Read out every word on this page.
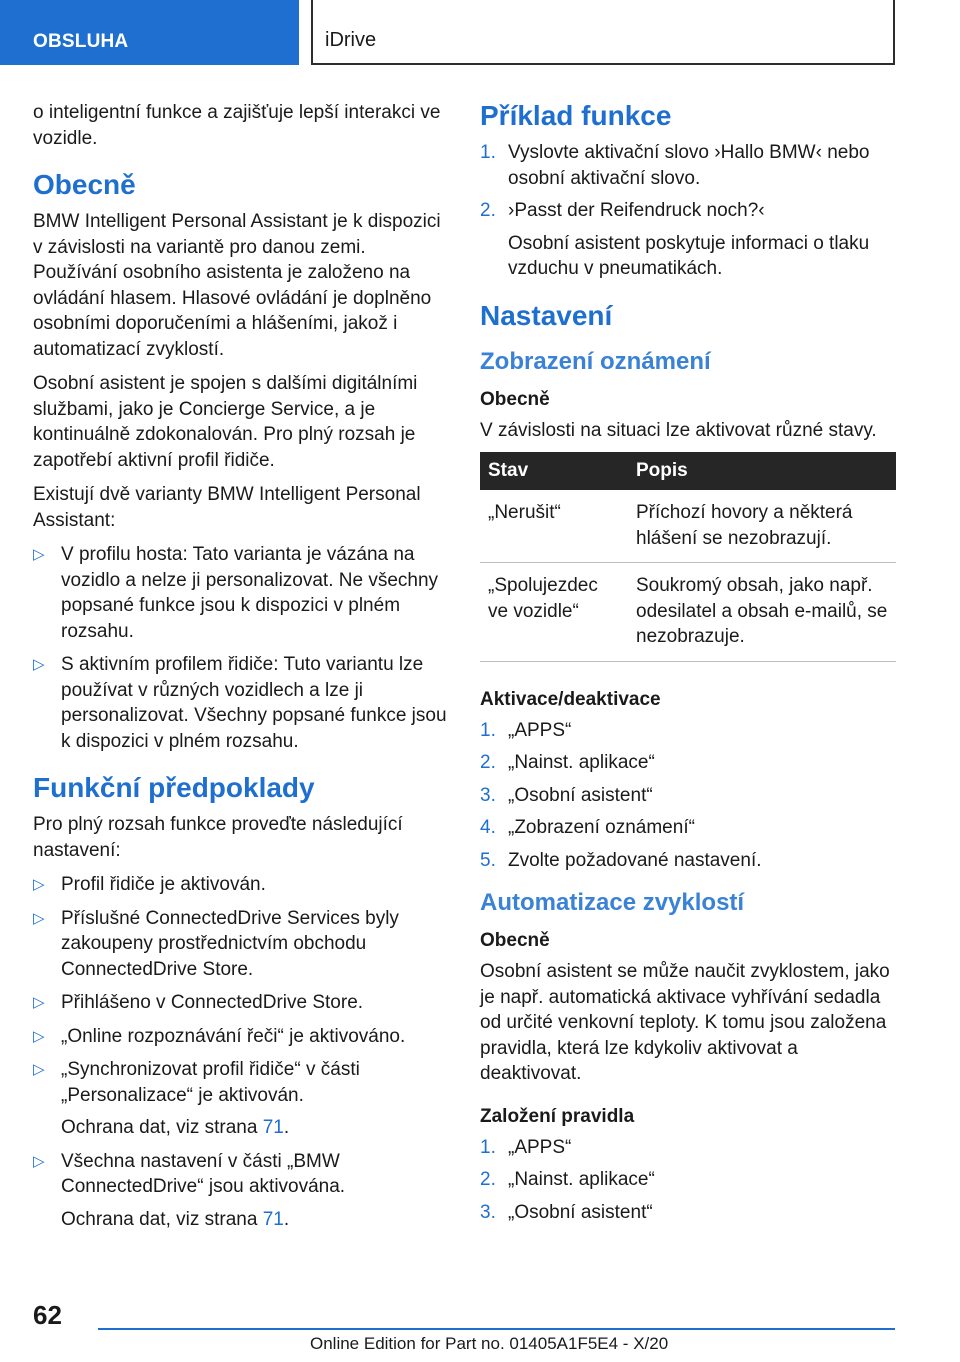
OBSLUHA	iDrive

o inteligentní funkce a zajišťuje lepší interakci ve vozidle.

Obecně

BMW Intelligent Personal Assistant je k dispozici v závislosti na variantě pro danou zemi. Používání osobního asistenta je založeno na ovládání hlasem. Hlasové ovládání je doplněno osobními doporučeními a hlášeními, jakož i automatizací zvyklostí.

Osobní asistent je spojen s dalšími digitálními službami, jako je Concierge Service, a je kontinuálně zdokonalován. Pro plný rozsah je zapotřebí aktivní profil řidiče.

Existují dvě varianty BMW Intelligent Personal Assistant:

▷ V profilu hosta: Tato varianta je vázána na vozidlo a nelze ji personalizovat. Ne všechny popsané funkce jsou k dispozici v plném rozsahu.
▷ S aktivním profilem řidiče: Tuto variantu lze používat v různých vozidlech a lze ji personalizovat. Všechny popsané funkce jsou k dispozici v plném rozsahu.
Funkční předpoklady

Pro plný rozsah funkce proveďte následující nastavení:

▷ Profil řidiče je aktivován.
▷ Příslušné ConnectedDrive Services byly zakoupeny prostřednictvím obchodu ConnectedDrive Store.
▷ Přihlášeno v ConnectedDrive Store.
▷ „Online rozpoznávání řeči“ je aktivováno.
▷ „Synchronizovat profil řidiče“ v části „Personalizace“ je aktivován.
Ochrana dat, viz strana 71.
▷ Všechna nastavení v části „BMW ConnectedDrive“ jsou aktivována.
Ochrana dat, viz strana 71.
Příklad funkce
1. Vyslovte aktivační slovo ›Hallo BMW‹ nebo osobní aktivační slovo.
2. ›Passt der Reifendruck noch?‹
Osobní asistent poskytuje informaci o tlaku vzduchu v pneumatikách.
Nastavení
Zobrazení oznámení
Obecně

V závislosti na situaci lze aktivovat různé stavy.

Stav	Popis
„Nerušit“	Příchozí hovory a některá hlášení se nezobrazují.
„Spolujezdec ve vozidle“	Soukromý obsah, jako např. odesilatel a obsah e-mailů, se nezobrazuje.
Aktivace/deaktivace
1. „APPS“
2. „Nainst. aplikace“
3. „Osobní asistent“
4. „Zobrazení oznámení“
5. Zvolte požadované nastavení.
Automatizace zvyklostí
Obecně

Osobní asistent se může naučit zvyklostem, jako je např. automatická aktivace vyhřívání sedadla od určité venkovní teploty. K tomu jsou založena pravidla, která lze kdykoliv aktivovat a deaktivovat.

Založení pravidla
1. „APPS“
2. „Nainst. aplikace“
3. „Osobní asistent“
62
Online Edition for Part no. 01405A1F5E4 - X/20
